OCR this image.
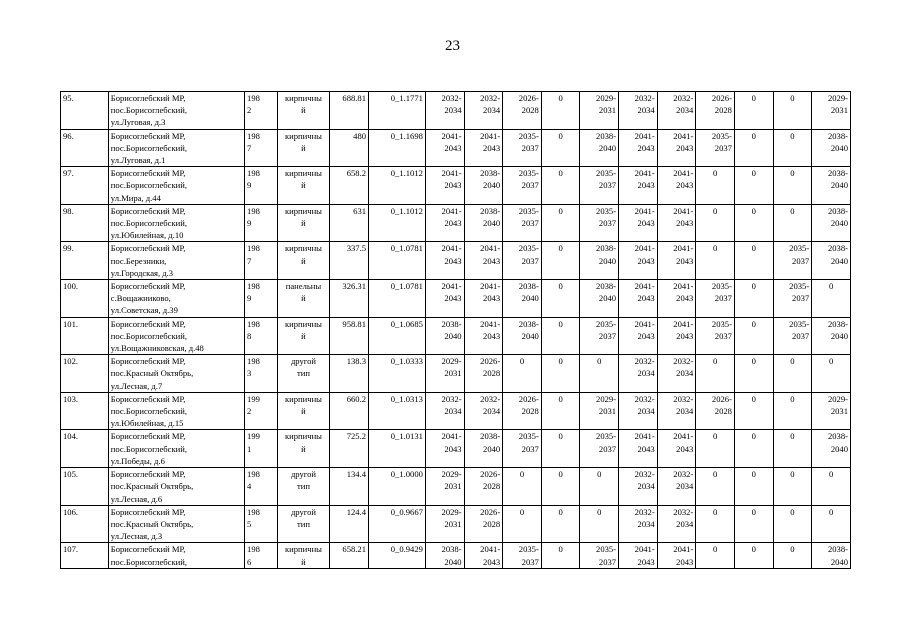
23
95.	Борисоглебский МР,
пос.Борисоглебский,
ул.Луговая, д.3	198
2	кирпичны
й	688.81	0_1.1771	2032-
2034	2032-
2034	2026-
2028	0	2029-
2031	2032-
2034	2032-
2034	2026-
2028	0	0	2029-
2031

96.	Борисоглебский МР,
пос.Борисоглебский,
ул.Луговая, д.1	198
7	кирпичны
й	480	0_1.1698	2041-
2043	2041-
2043	2035-
2037	0	2038-
2040	2041-
2043	2041-
2043	2035-
2037	0	0	2038-
2040

97.	Борисоглебский МР,
пос.Борисоглебский,
ул.Мира, д.44	198
9	кирпичны
й	658.2	0_1.1012	2041-
2043	2038-
2040	2035-
2037	0	2035-
2037	2041-
2043	2041-
2043	0	0	0	2038-
2040

98.	Борисоглебский МР,
пос.Борисоглебский,
ул.Юбилейная, д.10	198
9	кирпичны
й	631	0_1.1012	2041-
2043	2038-
2040	2035-
2037	0	2035-
2037	2041-
2043	2041-
2043	0	0	0	2038-
2040

99.	Борисоглебский МР,
пос.Березники,
ул.Городская, д.3	198
7	кирпичны
й	337.5	0_1.0781	2041-
2043	2041-
2043	2035-
2037	0	2038-
2040	2041-
2043	2041-
2043	0	0	2035-
2037	2038-
2040

100.	Борисоглебский МР,
с.Вощажниково,
ул.Советская, д.39	198
9	панельны
й	326.31	0_1.0781	2041-
2043	2041-
2043	2038-
2040	0	2038-
2040	2041-
2043	2041-
2043	2035-
2037	0	2035-
2037	0
101.	Борисоглебский МР,
пос.Борисоглебский,
ул.Вощажниковская, д.48	198
8	кирпичны
й	958.81	0_1.0685	2038-
2040	2041-
2043	2038-
2040	0	2035-
2037	2041-
2043	2041-
2043	2035-
2037	0	2035-
2037	2038-
2040

102.	Борисоглебский МР,
пос.Красный Октябрь,
ул.Лесная, д.7	198
3	другой
тип	138.3	0_1.0333	2029-
2031	2026-
2028	0	0	0	2032-
2034	2032-
2034	0	0	0	0
103.	Борисоглебский МР,
пос.Борисоглебский,
ул.Юбилейная, д.15	199
2	кирпичны
й	660.2	0_1.0313	2032-
2034	2032-
2034	2026-
2028	0	2029-
2031	2032-
2034	2032-
2034	2026-
2028	0	0	2029-
2031

104.	Борисоглебский МР,
пос.Борисоглебский,
ул.Победы, д.6	199
1	кирпичны
й	725.2	0_1.0131	2041-
2043	2038-
2040	2035-
2037	0	2035-
2037	2041-
2043	2041-
2043	0	0	0	2038-
2040

105.	Борисоглебский МР,
пос.Красный Октябрь,
ул.Лесная, д.6	198
4	другой
тип	134.4	0_1.0000	2029-
2031	2026-
2028	0	0	0	2032-
2034	2032-
2034	0	0	0	0
106.	Борисоглебский МР,
пос.Красный Октябрь,
ул.Лесная, д.3	198
5	другой
тип	124.4	0_0.9667	2029-
2031	2026-
2028	0	0	0	2032-
2034	2032-
2034	0	0	0	0
107.	Борисоглебский МР,
пос.Борисоглебский,	198
6	кирпичны
й	658.21	0_0.9429	2038-
2040	2041-
2043	2035-
2037	0	2035-
2037	2041-
2043	2041-
2043	0	0	0	2038-
2040
